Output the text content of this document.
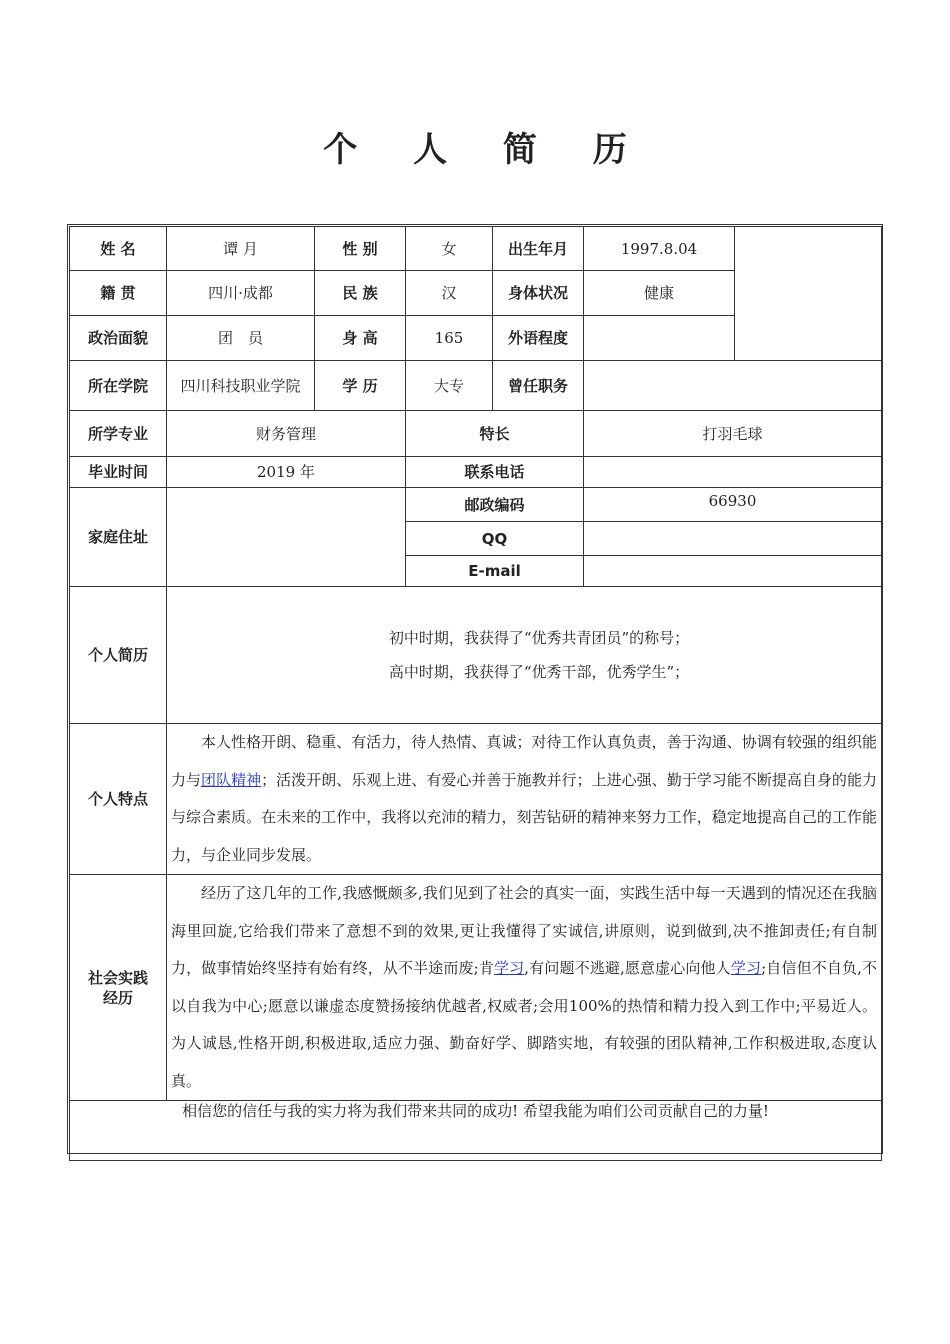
个 人 简 历
姓 名	谭 月	性 别	女	出生年月	1997.8.04	
籍 贯	四川·成都	民 族	汉	身体状况	健康	
政治面貌	团　员	身 高	165	外语程度		
所在学院	四川科技职业学院	学 历	大专	曾任职务		
所学专业	财务管理		特长		打羽毛球	
毕业时间	2019 年		联系电话			
家庭住址			邮政编码		66930	
			QQ			
			E-mail			
个人简历	初中时期，我获得了“优秀共青团员”的称号；

高中时期，我获得了“优秀干部，优秀学生”；					

个人特点	本人性格开朗、稳重、有活力，待人热情、真诚；对待工作认真负责，善于沟通、协调有较强的组织能力与团队精神；活泼开朗、乐观上进、有爱心并善于施教并行；上进心强、勤于学习能不断提高自身的能力与综合素质。在未来的工作中，我将以充沛的精力，刻苦钻研的精神来努力工作，稳定地提高自己的工作能力，与企业同步发展。					

社会实践
经历	经历了这几年的工作,我感慨颇多,我们见到了社会的真实一面，实践生活中每一天遇到的情况还在我脑海里回旋,它给我们带来了意想不到的效果,更让我懂得了实诚信,讲原则，说到做到,决不推卸责任;有自制力，做事情始终坚持有始有终，从不半途而废;肯学习,有问题不逃避,愿意虚心向他人学习;自信但不自负,不以自我为中心;愿意以谦虚态度赞扬接纳优越者,权威者;会用100%的热情和精力投入到工作中;平易近人。为人诚恳,性格开朗,积极进取,适应力强、勤奋好学、脚踏实地，有较强的团队精神,工作积极进取,态度认真。					

相信您的信任与我的实力将为我们带来共同的成功! 希望我能为咱们公司贡献自己的力量!						
